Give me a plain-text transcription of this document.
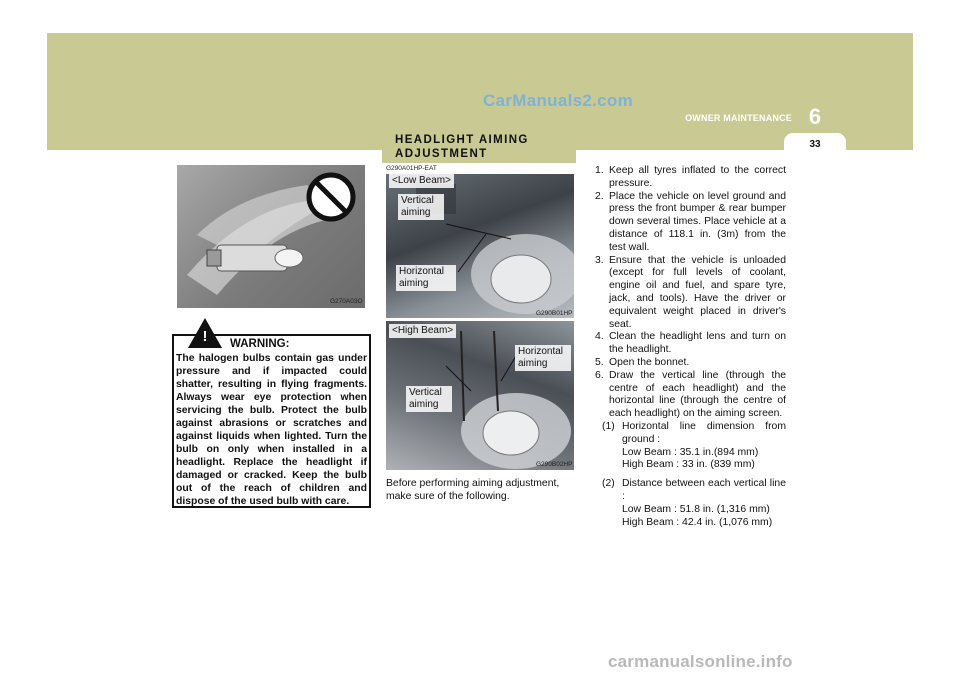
CarManuals2.com
6
OWNER MAINTENANCE
33
G270A03O
!	WARNING:
The halogen bulbs contain gas under pressure and if impacted could shatter, resulting in flying fragments. Always wear eye protection when servicing the bulb. Protect the bulb against abrasions or scratches and against liquids when lighted. Turn the bulb on only when installed in a headlight. Replace the headlight if damaged or cracked. Keep the bulb out of the reach of children and dispose of the used bulb with care.
HEADLIGHT AIMING ADJUSTMENT
G290A01HP-EAT
<Low Beam>
Vertical aiming
Horizontal aiming
G290B01HP
<High Beam>
Horizontal aiming
Vertical aiming
G290B02HP
Before performing aiming adjustment, make sure of the following.
1. Keep all tyres inflated to the correct pressure.
2. Place the vehicle on level ground and press the front bumper & rear bumper down several times. Place vehicle at a distance of 118.1 in. (3m) from the test wall.
3. Ensure that the vehicle is unloaded (except for full levels of coolant, engine oil and fuel, and spare tyre, jack, and tools). Have the driver or equivalent weight placed in driver's seat.
4. Clean the headlight lens and turn on the headlight.
5. Open the bonnet.
6. Draw the vertical line (through the centre of each headlight) and the horizontal line (through the centre of each headlight) on the aiming screen.
(1) Horizontal line dimension from ground :
Low Beam : 35.1 in.(894 mm)
High Beam : 33 in. (839 mm)
(2) Distance between each vertical line :
Low Beam : 51.8 in. (1,316 mm)
High Beam : 42.4 in. (1,076 mm)
carmanualsonline.info
